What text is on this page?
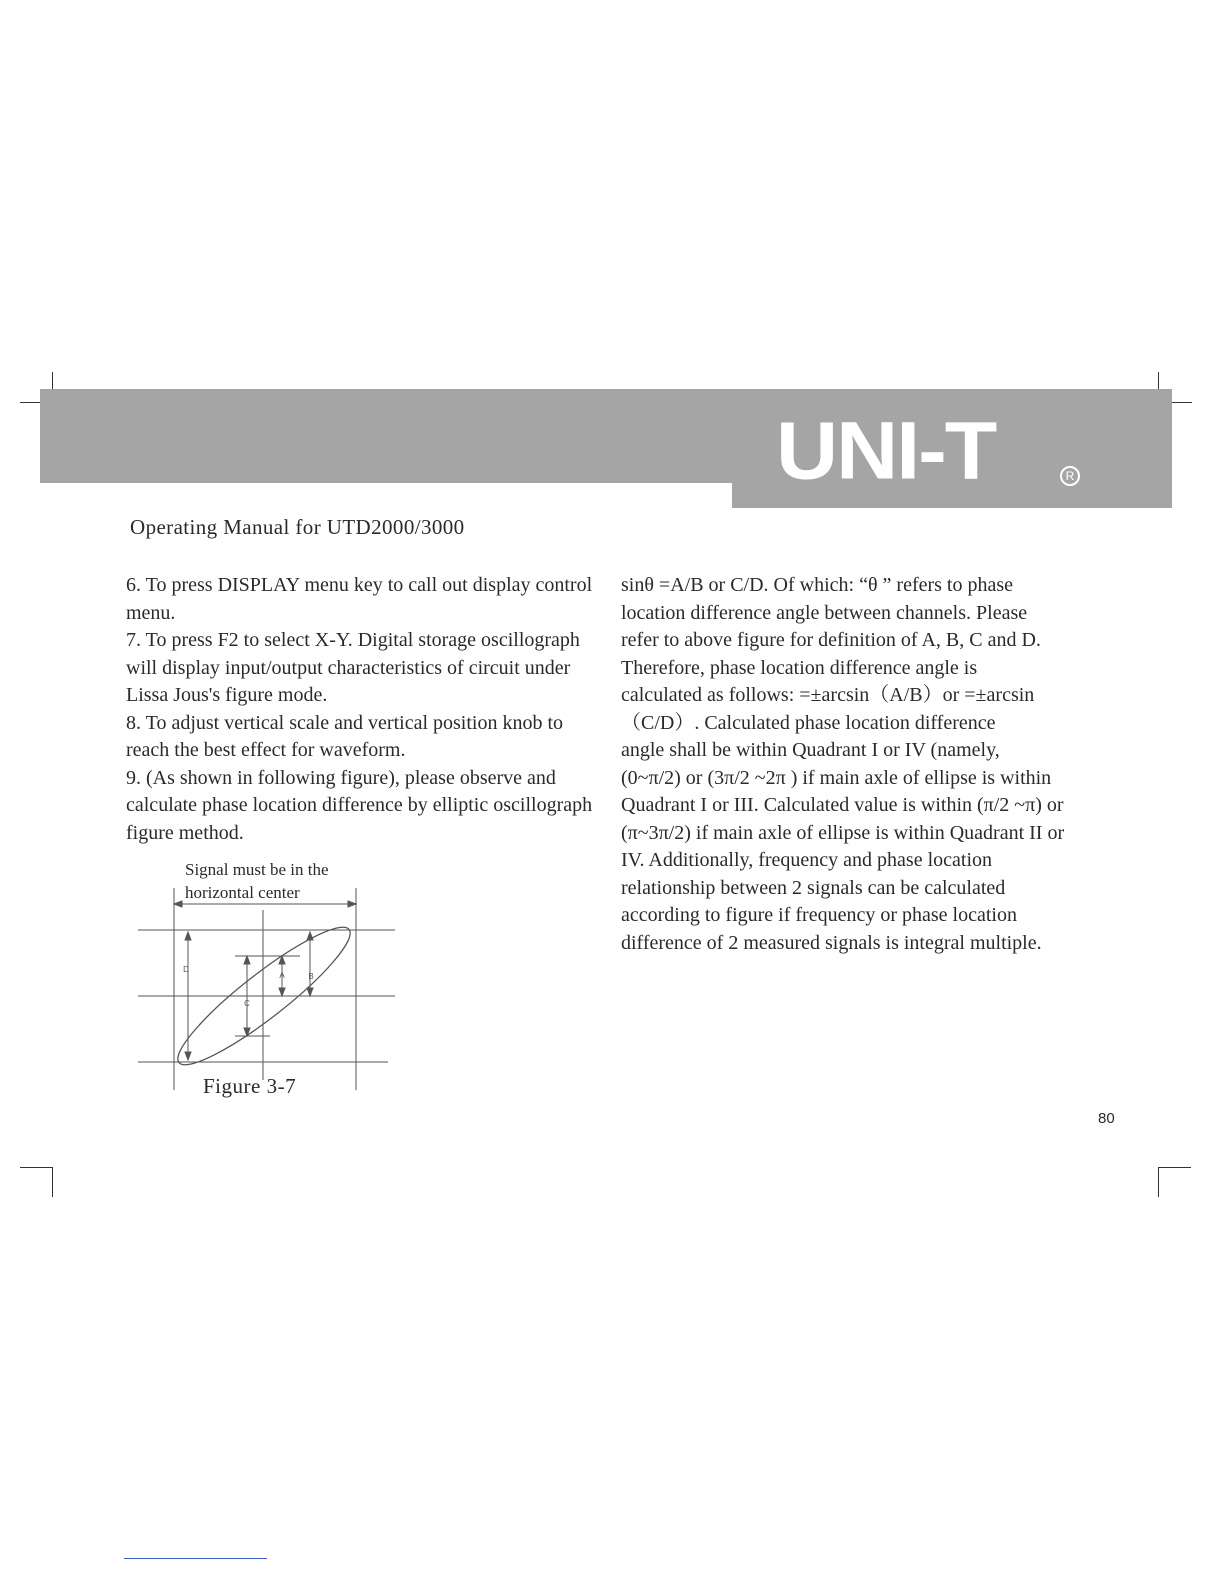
UNI-T	R
Operating Manual for UTD2000/3000

6. To press DISPLAY menu key to call out display control menu.

7. To press F2 to select X-Y. Digital storage oscillograph will display input/output characteristics of circuit under Lissa Jous's figure mode.

8. To adjust vertical scale and vertical position knob to reach the best effect for waveform.

9. (As shown in following figure), please observe and calculate phase location difference by elliptic oscillograph figure method.

Signal must be in the
horizontal center
D
A	B
C
Figure 3-7

sinθ =A/B or C/D. Of which: “θ ” refers to phase

location difference angle between channels. Please

refer to above figure for definition of A, B, C and D.

Therefore, phase location difference angle is

calculated as follows: =±arcsin（A/B）or =±arcsin

（C/D）. Calculated phase location difference

angle shall be within Quadrant I or IV (namely,

(0~π/2) or (3π/2 ~2π ) if main axle of ellipse is within

Quadrant I or III. Calculated value is within (π/2 ~π) or

(π~3π/2) if main axle of ellipse is within Quadrant II or

IV. Additionally, frequency and phase location

relationship between 2 signals can be calculated

according to figure if frequency or phase location

difference of 2 measured signals is integral multiple.

80
